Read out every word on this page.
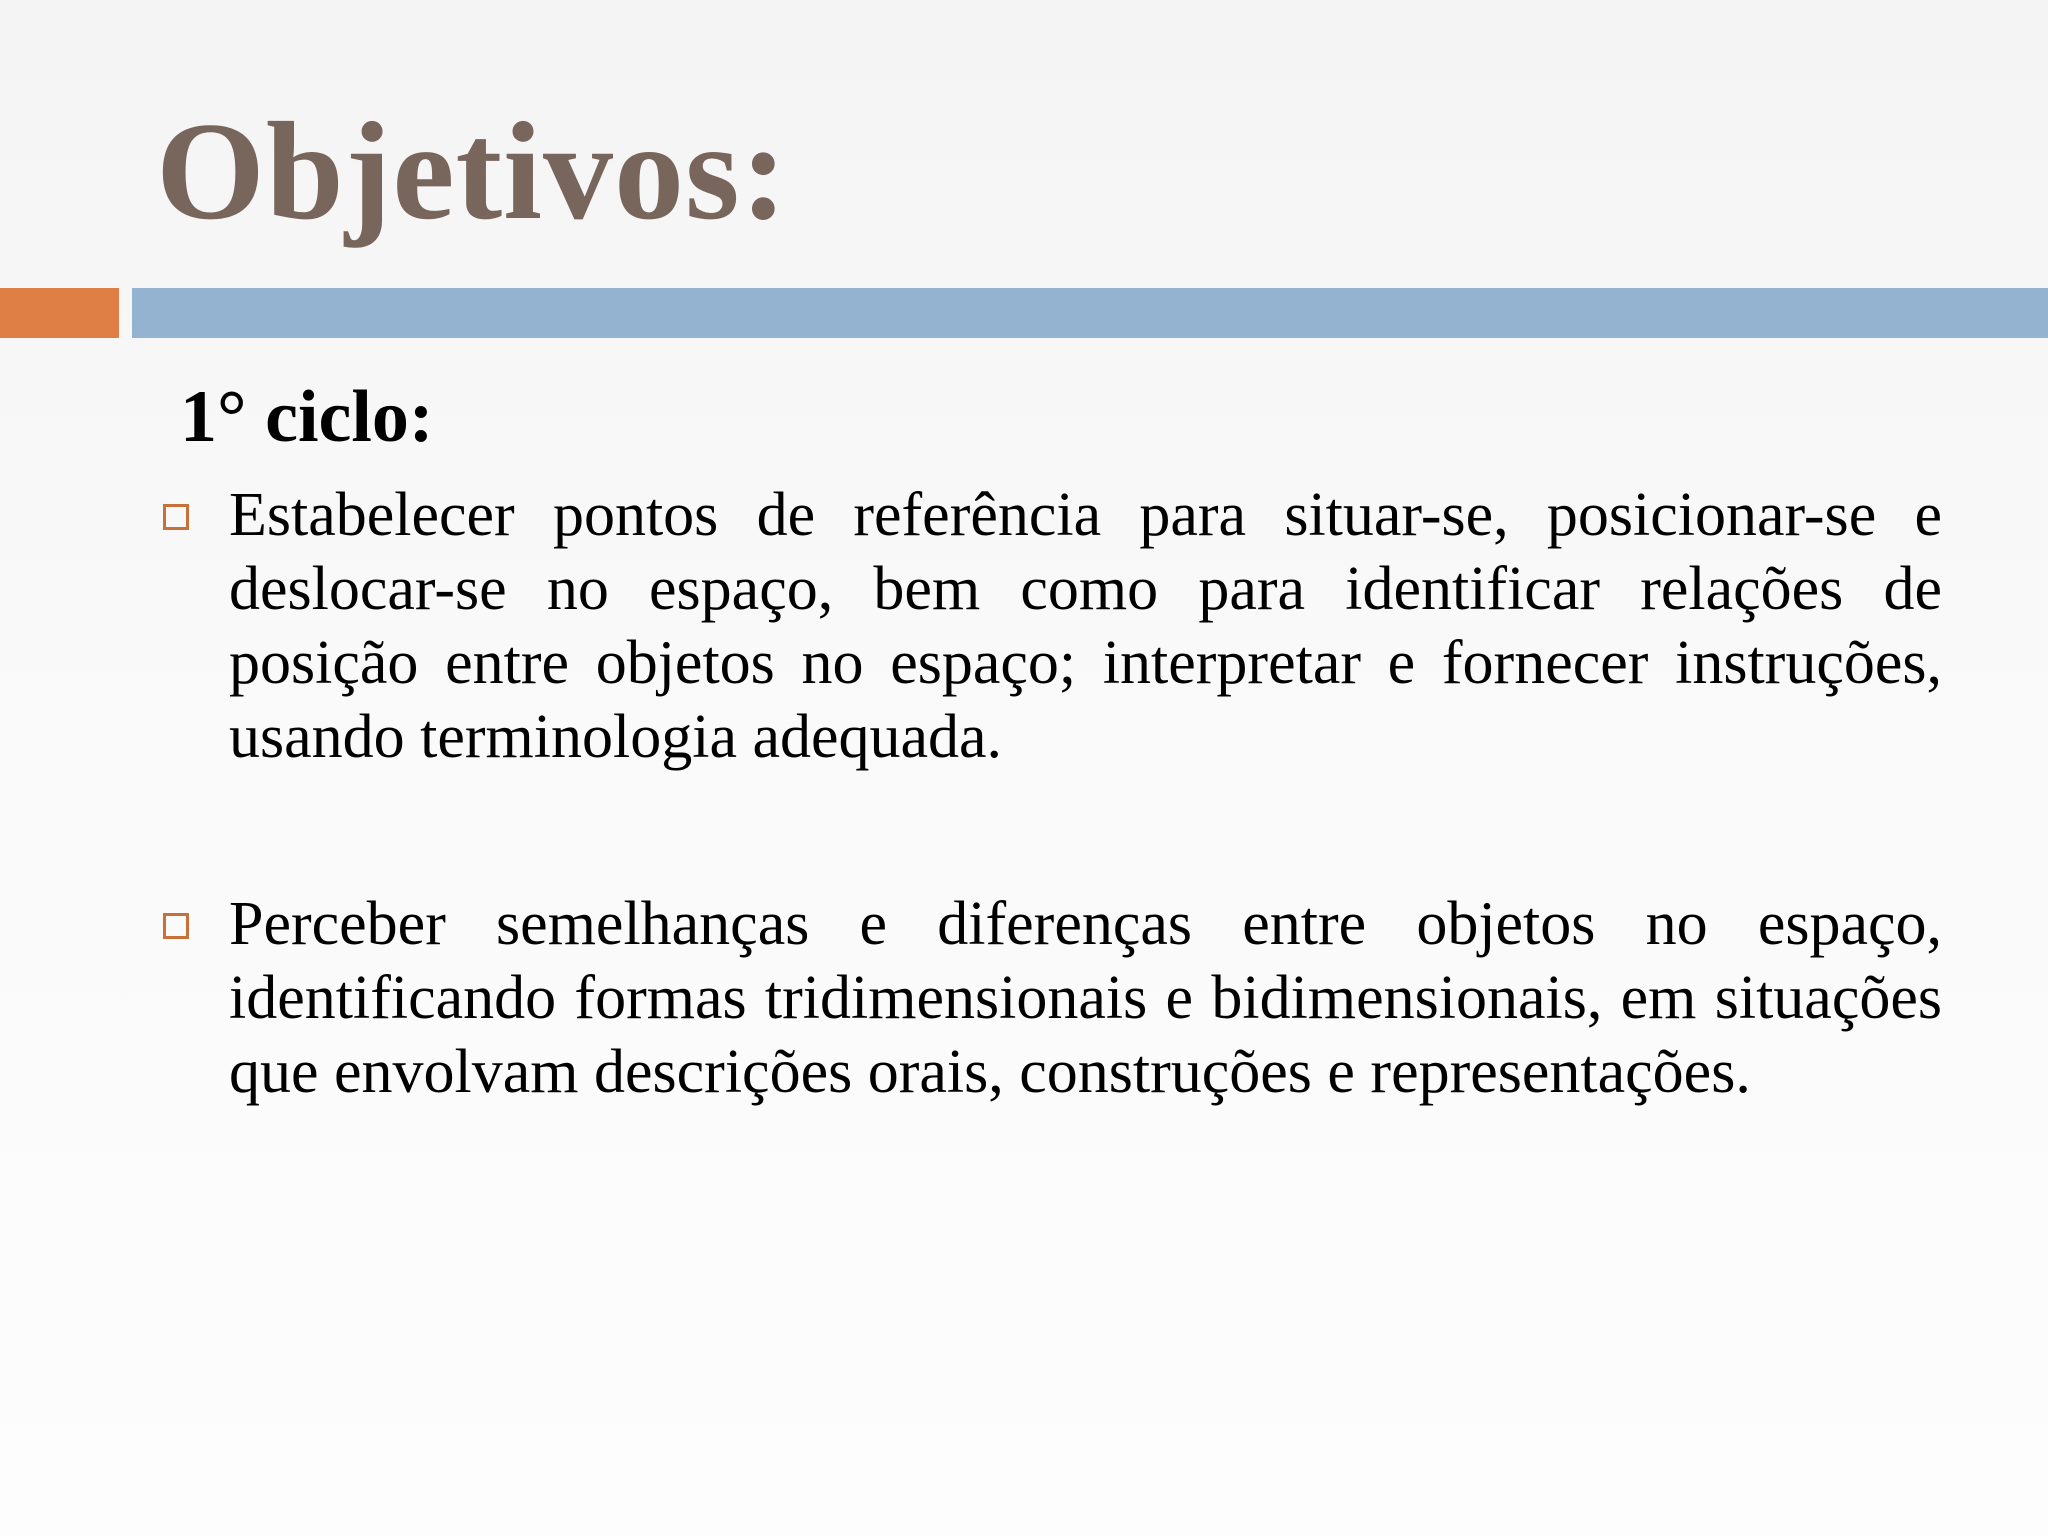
Objetivos:
1° ciclo:

Estabelecer pontos de referência para situar-se, posicionar-se e deslocar-se no espaço, bem como para identificar relações de posição entre objetos no espaço; interpretar e fornecer instruções, usando terminologia adequada.

Perceber semelhanças e diferenças entre objetos no espaço, identificando formas tridimensionais e bidimensionais, em situações que envolvam descrições orais, construções e representações.
